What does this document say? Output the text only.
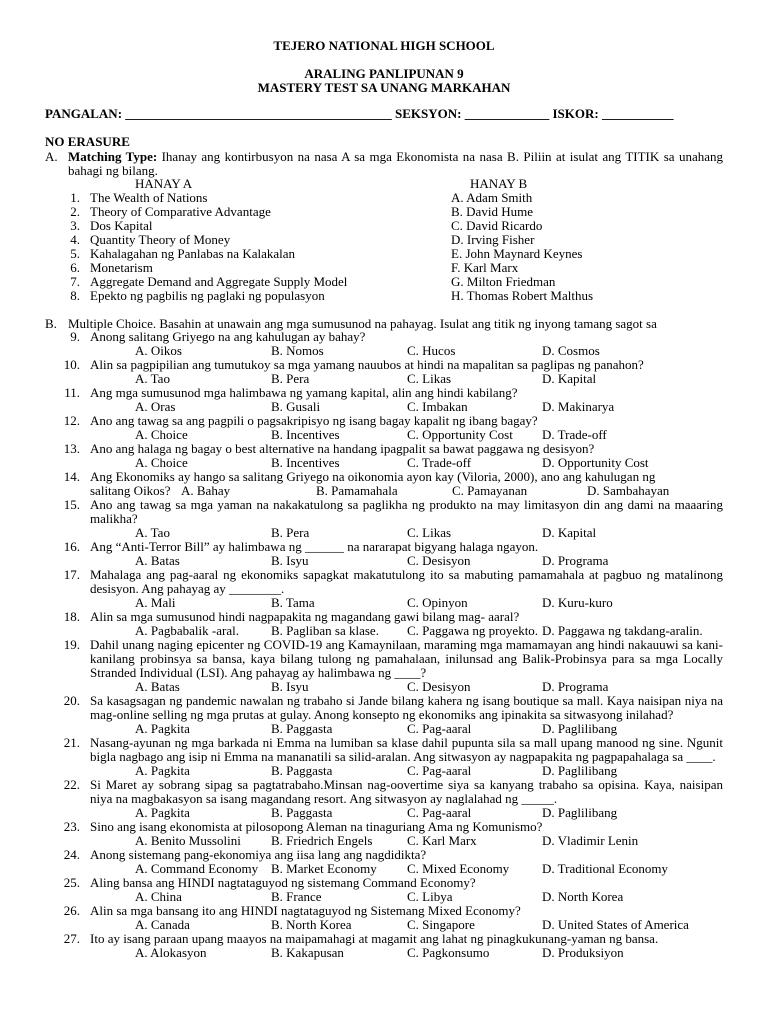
TEJERO NATIONAL HIGH SCHOOL
ARALING PANLIPUNAN 9
MASTERY TEST SA UNANG MARKAHAN
PANGALAN: _________________________________________ SEKSYON: _____________ ISKOR: ___________
NO ERASURE
A. Matching Type: Ihanay ang kontirbusyon na nasa A sa mga Ekonomista na nasa B. Piliin at isulat ang TITIK sa unahang bahagi ng bilang.
HANAY A	HANAY B
1. The Wealth of Nations	A. Adam Smith
2. Theory of Comparative Advantage	B. David Hume
3. Dos Kapital	C. David Ricardo
4. Quantity Theory of Money	D. Irving Fisher
5. Kahalagahan ng Panlabas na Kalakalan	E. John Maynard Keynes
6. Monetarism	F. Karl Marx
7. Aggregate Demand and Aggregate Supply Model	G. Milton Friedman
8. Epekto ng pagbilis ng paglaki ng populasyon	H. Thomas Robert Malthus
B. Multiple Choice. Basahin at unawain ang mga sumusunod na pahayag. Isulat ang titik ng inyong tamang sagot sa
9. Anong salitang Griyego na ang kahulugan ay bahay?
A. Oikos	B. Nomos	C. Hucos	D. Cosmos
10. Alin sa pagpipilian ang tumutukoy sa mga yamang nauubos at hindi na mapalitan sa paglipas ng panahon?
A. Tao	B. Pera	C. Likas	D. Kapital
11. Ang mga sumusunod mga halimbawa ng yamang kapital, alin ang hindi kabilang?
A. Oras	B. Gusali	C. Imbakan	D. Makinarya
12. Ano ang tawag sa ang pagpili o pagsakripisyo ng isang bagay kapalit ng ibang bagay?
A. Choice	B. Incentives	C. Opportunity Cost D. Trade-off
13. Ano ang halaga ng bagay o best alternative na handang ipagpalit sa bawat paggawa ng desisyon?
A. Choice	B. Incentives	C. Trade-off	D. Opportunity Cost
14. Ang Ekonomiks ay hango sa salitang Griyego na oikonomia ayon kay (Viloria, 2000), ano ang kahulugan ng
salitang Oikos? A. Bahay	B. Pamamahala	C. Pamayanan	D. Sambahayan
15. Ano ang tawag sa mga yaman na nakakatulong sa paglikha ng produkto na may limitasyon din ang dami na maaaring malikha?
A. Tao	B. Pera	C. Likas	D. Kapital
16. Ang “Anti-Terror Bill” ay halimbawa ng ______ na nararapat bigyang halaga ngayon.
A. Batas	B. Isyu	C. Desisyon	D. Programa
17. Mahalaga ang pag-aaral ng ekonomiks sapagkat makatutulong ito sa mabuting pamamahala at pagbuo ng matalinong desisyon. Ang pahayag ay ________.
A. Mali	B. Tama	C. Opinyon	D. Kuru-kuro
18. Alin sa mga sumusunod hindi nagpapakita ng magandang gawi bilang mag- aaral?
A. Pagbabalik -aral. B. Pagliban sa klase. C. Paggawa ng proyekto. D. Paggawa ng takdang-aralin.
19. Dahil unang naging epicenter ng COVID-19 ang Kamaynilaan, maraming mga mamamayan ang hindi nakauuwi sa kani-kanilang probinsya sa bansa, kaya bilang tulong ng pamahalaan, inilunsad ang Balik-Probinsya para sa mga Locally Stranded Individual (LSI). Ang pahayag ay halimbawa ng ____?
A. Batas	B. Isyu	C. Desisyon	D. Programa
20. Sa kasagsagan ng pandemic nawalan ng trabaho si Jande bilang kahera ng isang boutique sa mall. Kaya naisipan niya na mag-online selling ng mga prutas at gulay. Anong konsepto ng ekonomiks ang ipinakita sa sitwasyong inilahad?
A. Pagkita	B. Paggasta	C. Pag-aaral	D. Paglilibang
21. Nasang-ayunan ng mga barkada ni Emma na lumiban sa klase dahil pupunta sila sa mall upang manood ng sine. Ngunit bigla nagbago ang isip ni Emma na mananatili sa silid-aralan. Ang sitwasyon ay nagpapakita ng pagpapahalaga sa ____.
A. Pagkita	B. Paggasta	C. Pag-aaral	D. Paglilibang
22. Si Maret ay sobrang sipag sa pagtatrabaho.Minsan nag-oovertime siya sa kanyang trabaho sa opisina. Kaya, naisipan niya na magbakasyon sa isang magandang resort. Ang sitwasyon ay naglalahad ng _____.
A. Pagkita	B. Paggasta	C. Pag-aaral	D. Paglilibang
23. Sino ang isang ekonomista at pilosopong Aleman na tinaguriang Ama ng Komunismo?
A. Benito Mussolini B. Friedrich Engels	C. Karl Marx	D. Vladimir Lenin
24. Anong sistemang pang-ekonomiya ang iisa lang ang nagdidikta?
A. Command Economy B. Market Economy C. Mixed Economy	D. Traditional Economy
25. Aling bansa ang HINDI nagtataguyod ng sistemang Command Economy?
A. China	B. France	C. Libya	D. North Korea
26. Alin sa mga bansang ito ang HINDI nagtataguyod ng Sistemang Mixed Economy?
A. Canada	B. North Korea	C. Singapore	D. United States of America
27. Ito ay isang paraan upang maayos na maipamahagi at magamit ang lahat ng pinagkukunang-yaman ng bansa.
A. Alokasyon	B. Kakapusan	C. Pagkonsumo	D. Produksiyon
